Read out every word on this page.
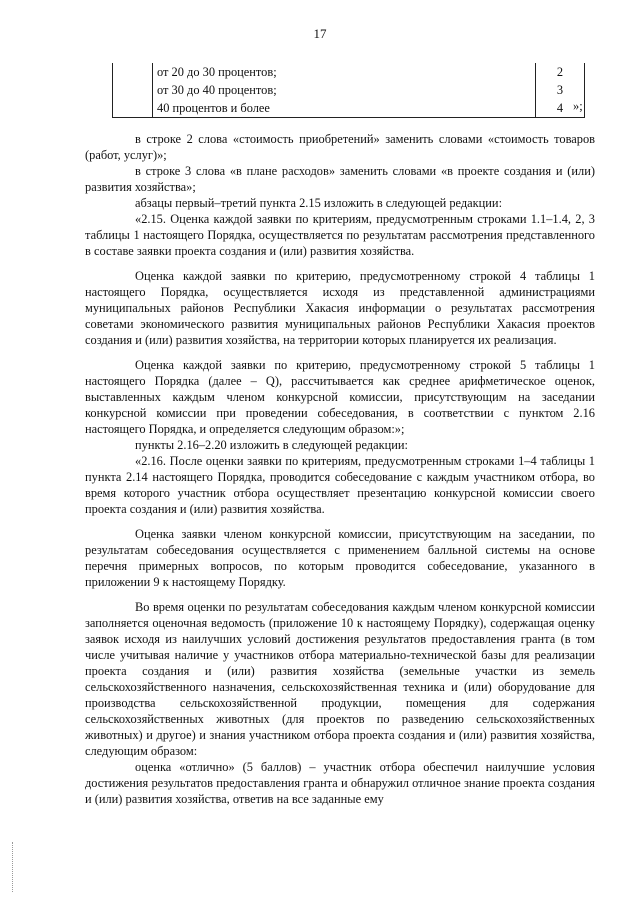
17
	от 20 до 30 процентов;	2
	от 30 до 40 процентов;	3
	40 процентов и более	4 »;

в строке 2 слова «стоимость приобретений» заменить словами «стоимость товаров (работ, услуг)»;

в строке 3 слова «в плане расходов» заменить словами «в проекте создания и (или) развития хозяйства»;

абзацы первый–третий пункта 2.15 изложить в следующей редакции:

«2.15. Оценка каждой заявки по критериям, предусмотренным строками 1.1–1.4, 2, 3 таблицы 1 настоящего Порядка, осуществляется по результатам рассмотрения представленного в составе заявки проекта создания и (или) развития хозяйства.

Оценка каждой заявки по критерию, предусмотренному строкой 4 таблицы 1 настоящего Порядка, осуществляется исходя из представленной администрациями муниципальных районов Республики Хакасия информации о результатах рассмотрения советами экономического развития муниципальных районов Республики Хакасия проектов создания и (или) развития хозяйства, на территории которых планируется их реализация.

Оценка каждой заявки по критерию, предусмотренному строкой 5 таблицы 1 настоящего Порядка (далее – Q), рассчитывается как среднее арифметическое оценок, выставленных каждым членом конкурсной комиссии, присутствующим на заседании конкурсной комиссии при проведении собеседования, в соответствии с пунктом 2.16 настоящего Порядка, и определяется следующим образом:»;

пункты 2.16–2.20 изложить в следующей редакции:

«2.16. После оценки заявки по критериям, предусмотренным строками 1–4 таблицы 1 пункта 2.14 настоящего Порядка, проводится собеседование с каждым участником отбора, во время которого участник отбора осуществляет презентацию конкурсной комиссии своего проекта создания и (или) развития хозяйства.

Оценка заявки членом конкурсной комиссии, присутствующим на заседании, по результатам собеседования осуществляется с применением балльной системы на основе перечня примерных вопросов, по которым проводится собеседование, указанного в приложении 9 к настоящему Порядку.

Во время оценки по результатам собеседования каждым членом конкурсной комиссии заполняется оценочная ведомость (приложение 10 к настоящему Порядку), содержащая оценку заявок исходя из наилучших условий достижения результатов предоставления гранта (в том числе учитывая наличие у участников отбора материально-технической базы для реализации проекта создания и (или) развития хозяйства (земельные участки из земель сельскохозяйственного назначения, сельскохозяйственная техника и (или) оборудование для производства сельскохозяйственной продукции, помещения для содержания сельскохозяйственных животных (для проектов по разведению сельскохозяйственных животных) и другое) и знания участником отбора проекта создания и (или) развития хозяйства, следующим образом:

оценка «отлично» (5 баллов) – участник отбора обеспечил наилучшие условия достижения результатов предоставления гранта и обнаружил отличное знание проекта создания и (или) развития хозяйства, ответив на все заданные ему
